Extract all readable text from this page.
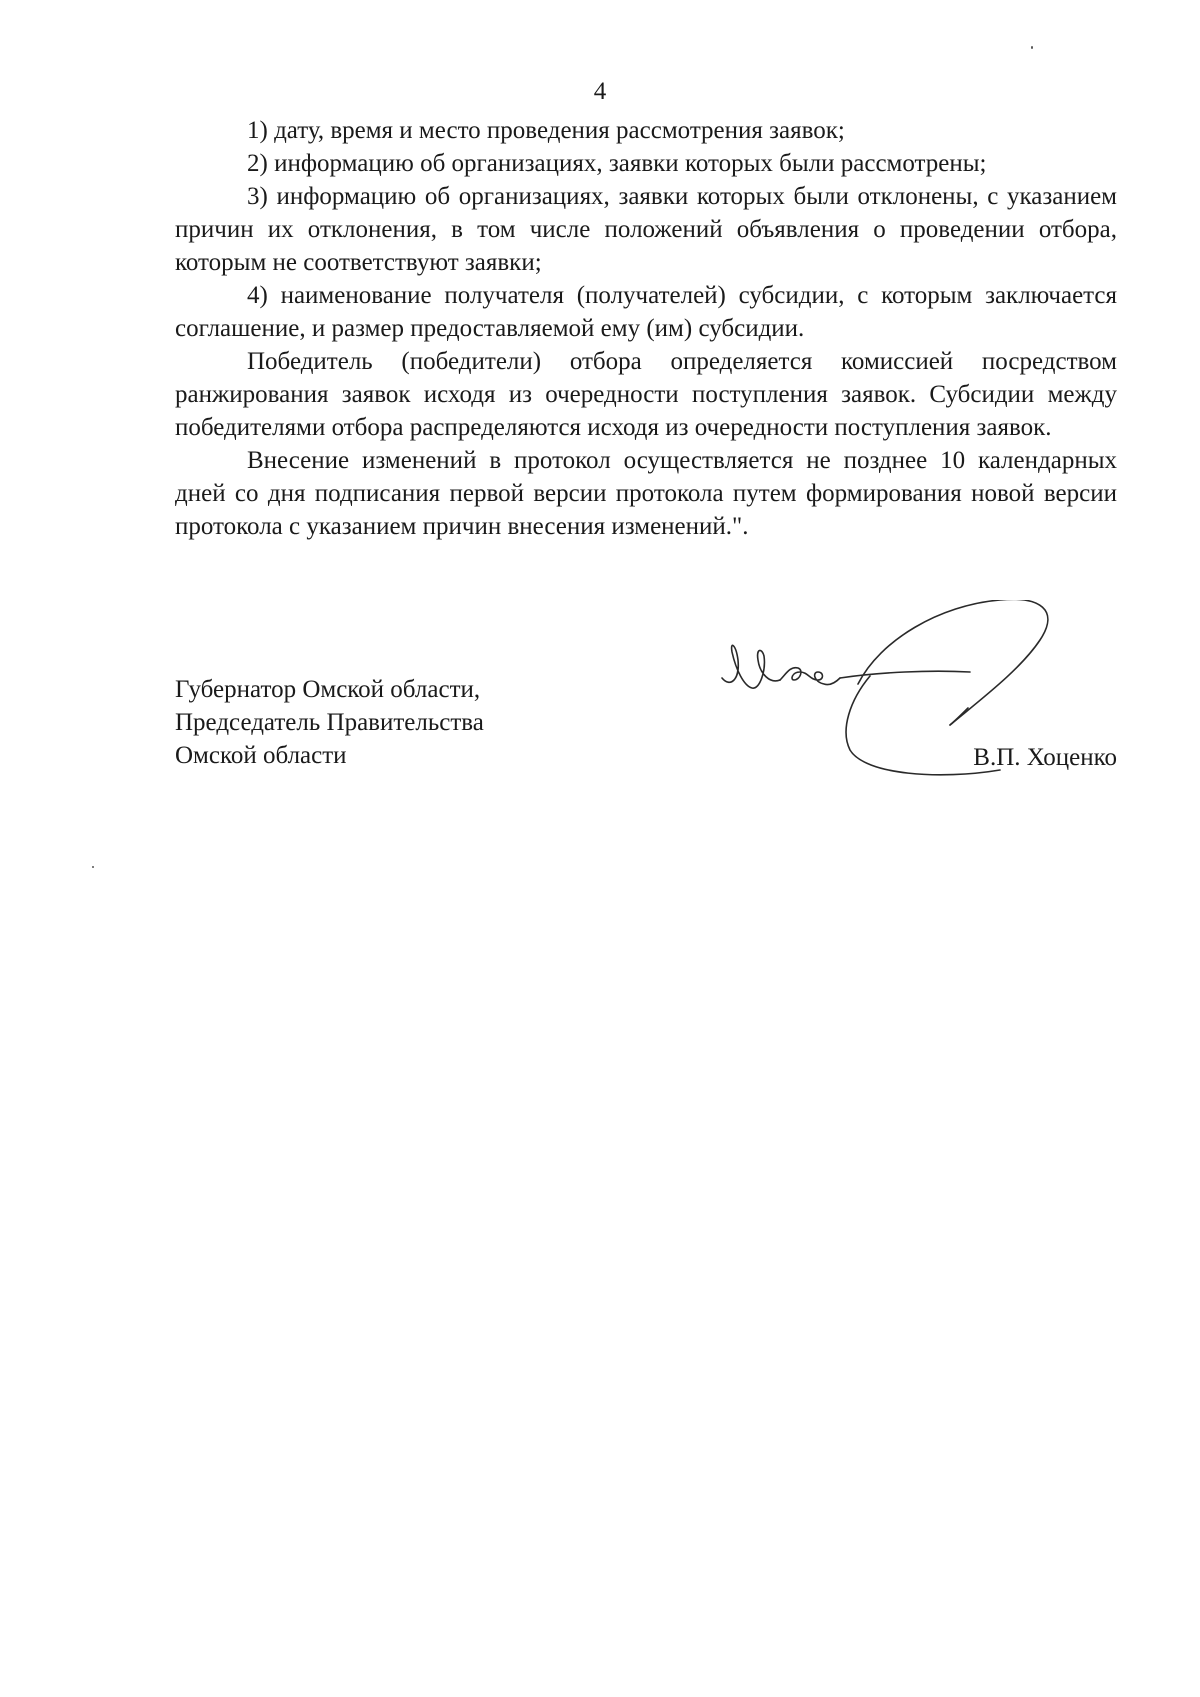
4

1) дату, время и место проведения рассмотрения заявок;

2) информацию об организациях, заявки которых были рассмотрены;

3) информацию об организациях, заявки которых были отклонены, с указанием причин их отклонения, в том числе положений объявления о проведении отбора, которым не соответствуют заявки;

4) наименование получателя (получателей) субсидии, с которым заключается соглашение, и размер предоставляемой ему (им) субсидии.

Победитель (победители) отбора определяется комиссией посредством ранжирования заявок исходя из очередности поступления заявок. Субсидии между победителями отбора распределяются исходя из очередности поступления заявок.

Внесение изменений в протокол осуществляется не позднее 10 календарных дней со дня подписания первой версии протокола путем формирования новой версии протокола с указанием причин внесения изменений.".

Губернатор Омской области,
Председатель Правительства
Омской области	В.П. Хоценко
